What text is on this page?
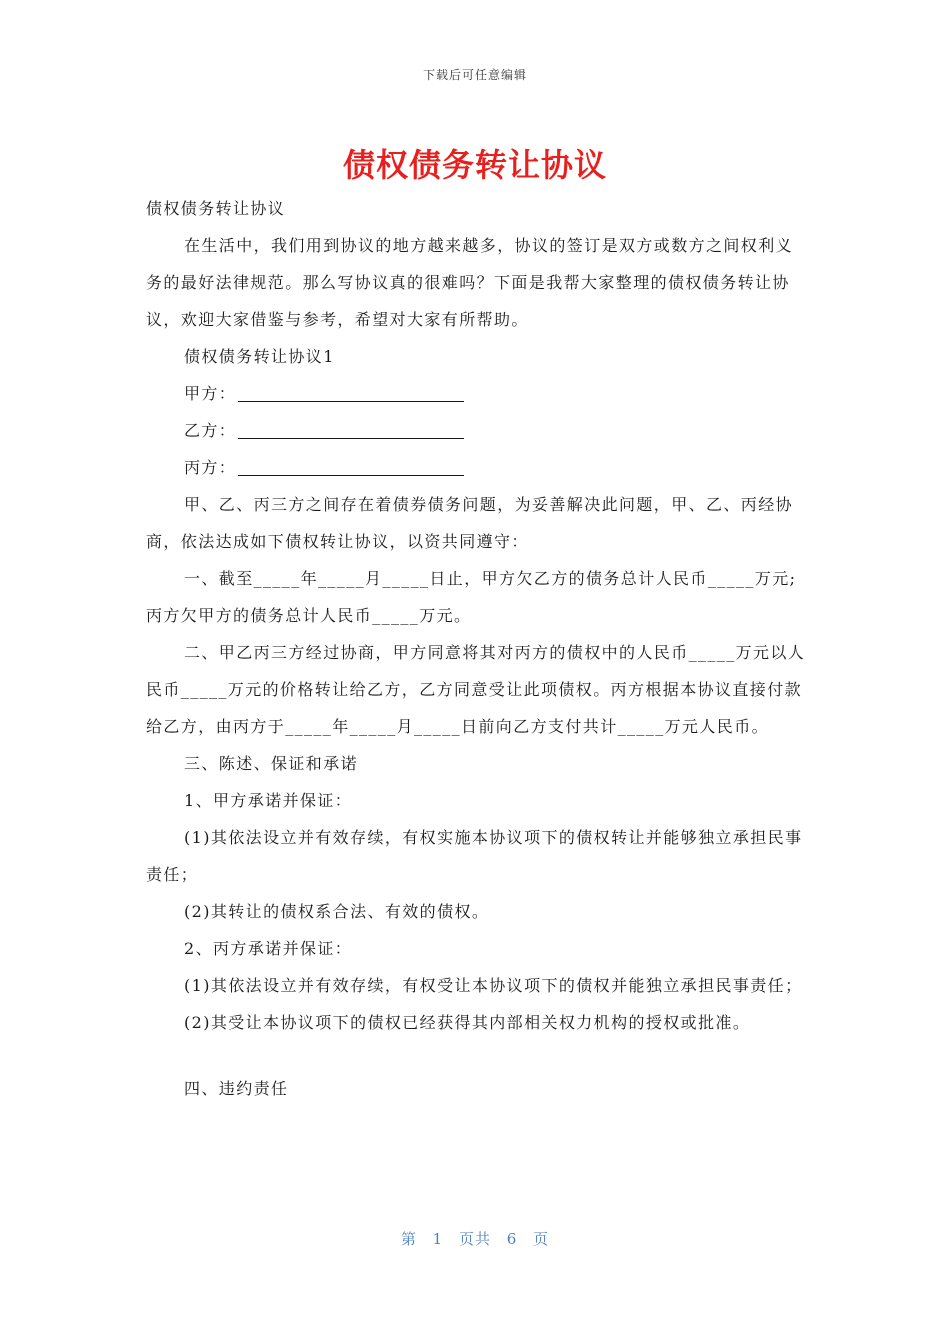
下载后可任意编辑
债权债务转让协议

债权债务转让协议

在生活中，我们用到协议的地方越来越多，协议的签订是双方或数方之间权利义务的最好法律规范。那么写协议真的很难吗？下面是我帮大家整理的债权债务转让协议，欢迎大家借鉴与参考，希望对大家有所帮助。

债权债务转让协议1

甲方：

乙方：

丙方：

甲、乙、丙三方之间存在着债券债务问题，为妥善解决此问题，甲、乙、丙经协商，依法达成如下债权转让协议，以资共同遵守：

一、截至_____年_____月_____日止，甲方欠乙方的债务总计人民币_____万元;丙方欠甲方的债务总计人民币_____万元。

二、甲乙丙三方经过协商，甲方同意将其对丙方的债权中的人民币_____万元以人民币_____万元的价格转让给乙方，乙方同意受让此项债权。丙方根据本协议直接付款给乙方，由丙方于_____年_____月_____日前向乙方支付共计_____万元人民币。

三、陈述、保证和承诺

1、甲方承诺并保证：

(1)其依法设立并有效存续，有权实施本协议项下的债权转让并能够独立承担民事责任；

(2)其转让的债权系合法、有效的债权。

2、丙方承诺并保证：

(1)其依法设立并有效存续，有权受让本协议项下的债权并能独立承担民事责任；

(2)其受让本协议项下的债权已经获得其内部相关权力机构的授权或批准。

四、违约责任

第 1 页共 6 页
